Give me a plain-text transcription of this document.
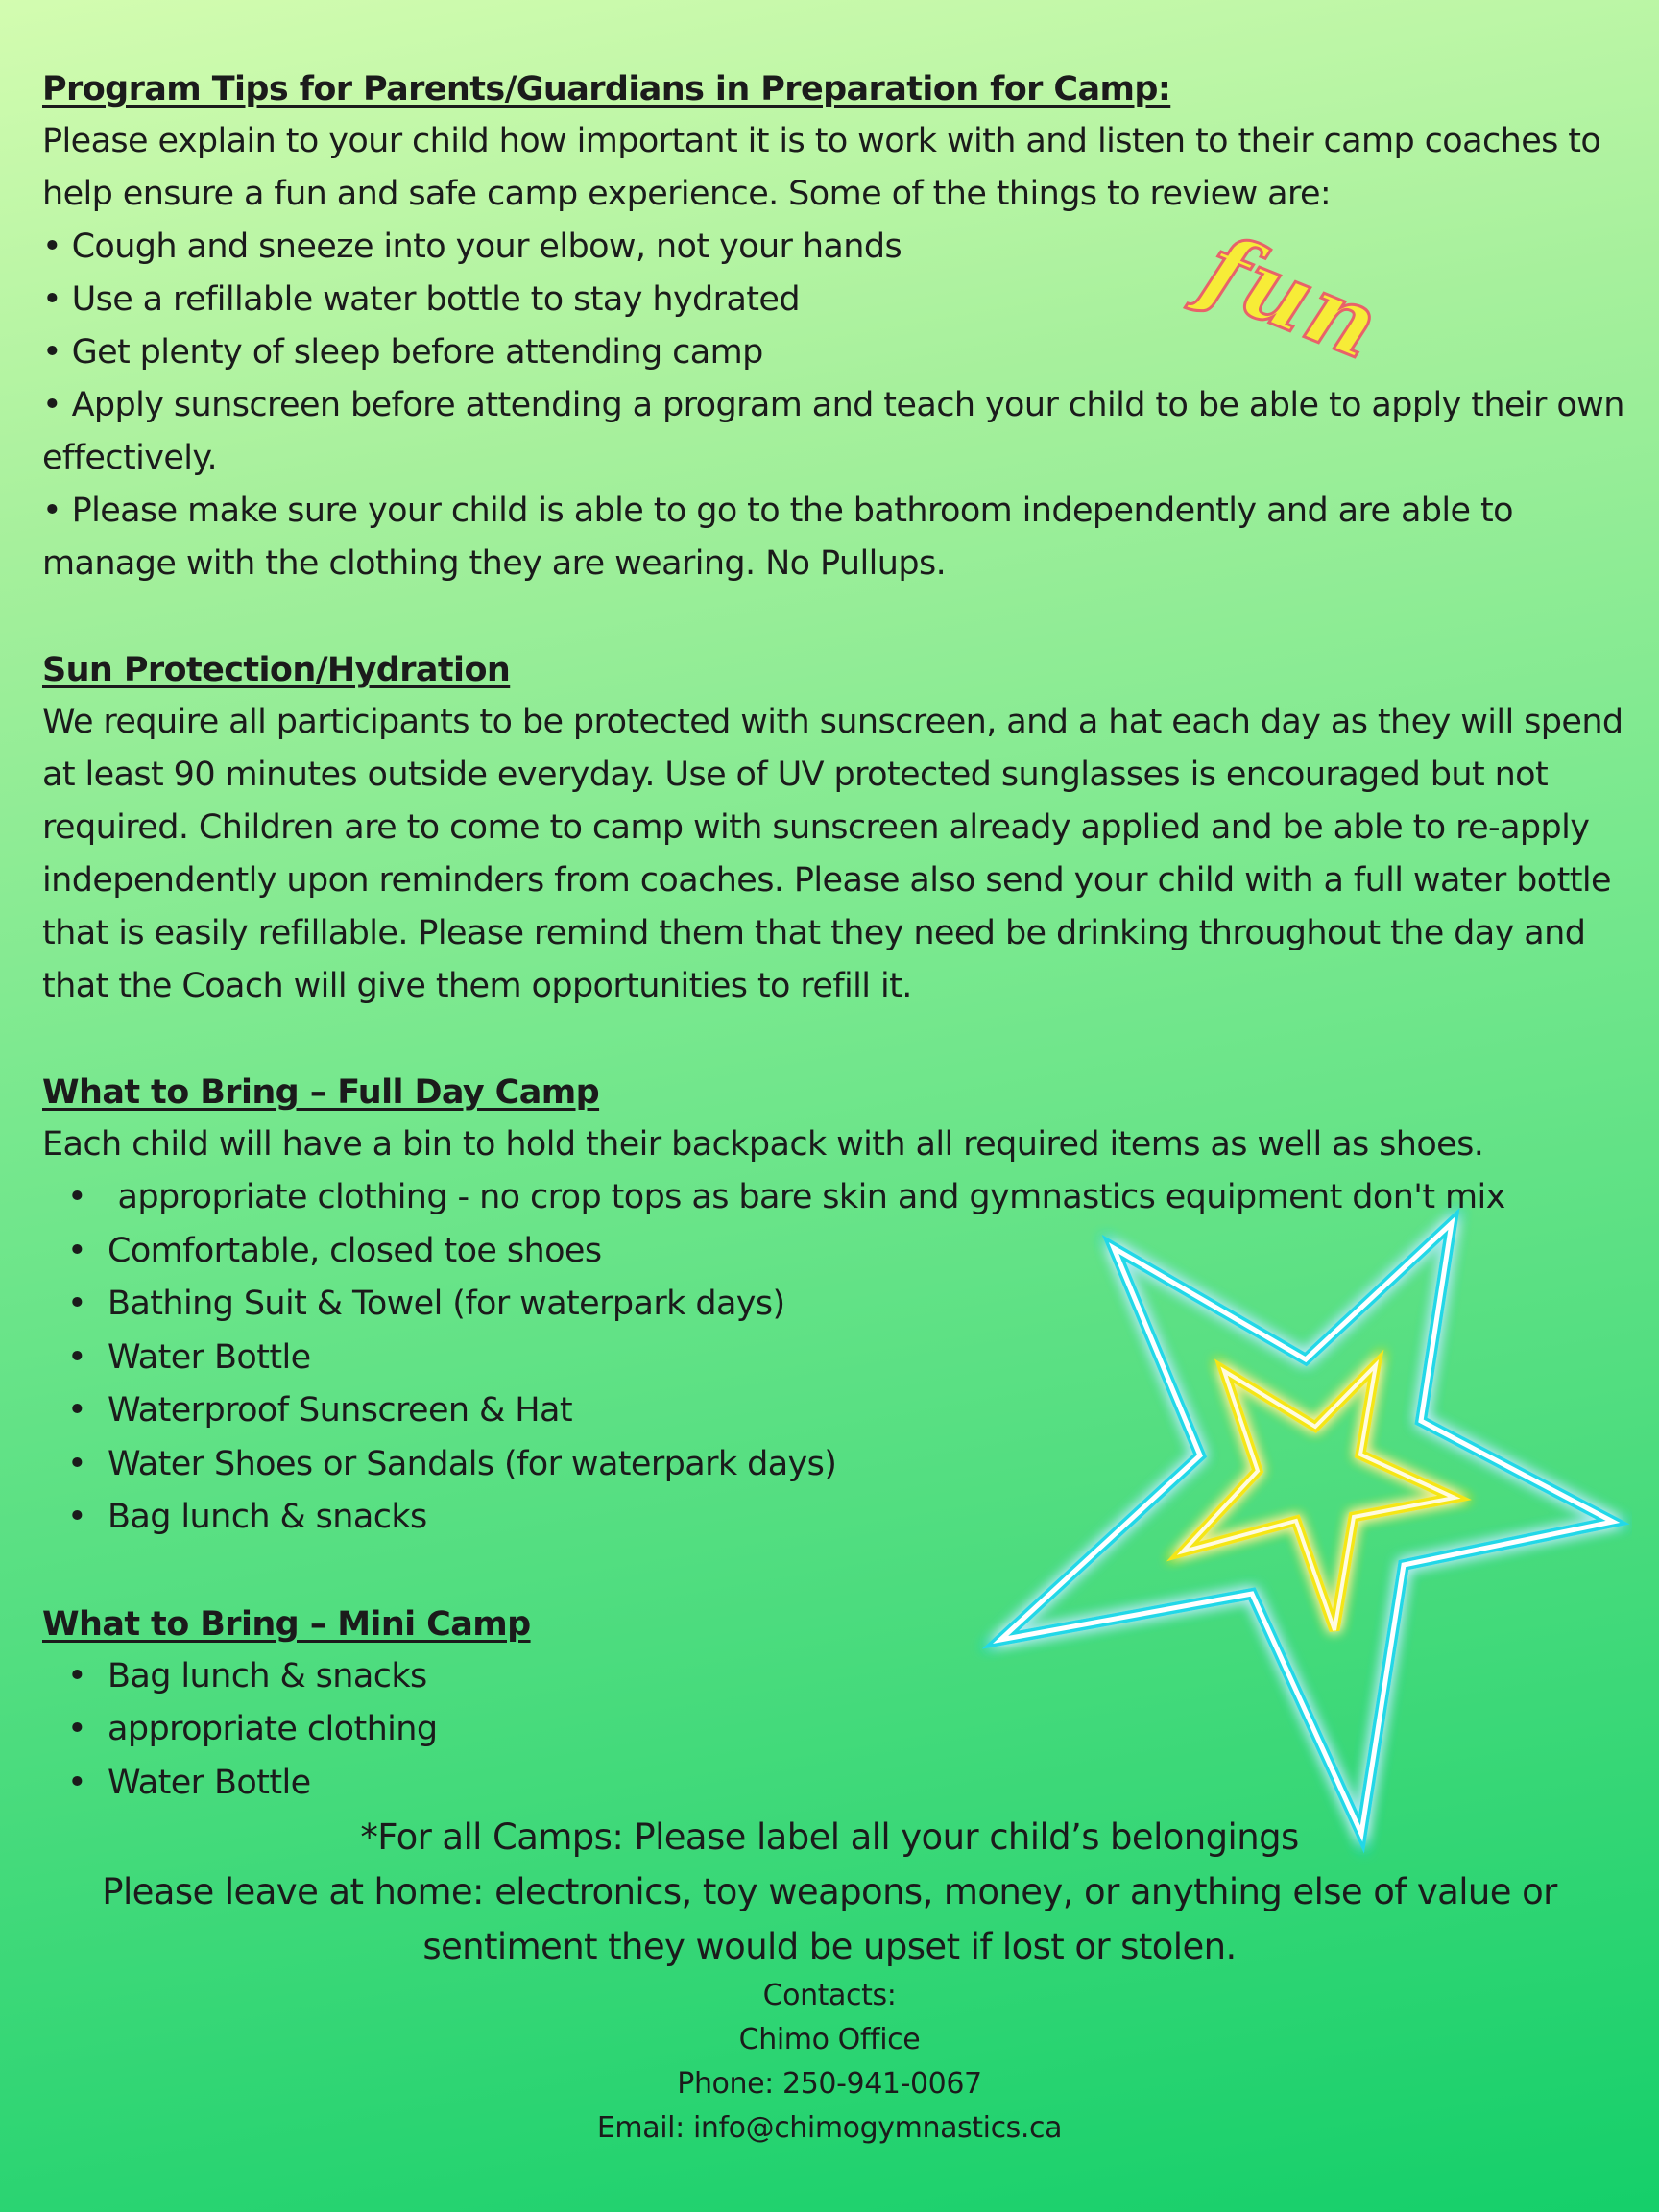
fun
Program Tips for Parents/Guardians in Preparation for Camp:

Please explain to your child how important it is to work with and listen to their camp coaches to help ensure a fun and safe camp experience. Some of the things to review are:

• Cough and sneeze into your elbow, not your hands

• Use a refillable water bottle to stay hydrated

• Get plenty of sleep before attending camp

• Apply sunscreen before attending a program and teach your child to be able to apply their own effectively.

• Please make sure your child is able to go to the bathroom independently and are able to manage with the clothing they are wearing. No Pullups.

Sun Protection/Hydration

We require all participants to be protected with sunscreen, and a hat each day as they will spend at least 90 minutes outside everyday. Use of UV protected sunglasses is encouraged but not required. Children are to come to camp with sunscreen already applied and be able to re-apply independently upon reminders from coaches. Please also send your child with a full water bottle that is easily refillable. Please remind them that they need be drinking throughout the day and that the Coach will give them opportunities to refill it.

What to Bring – Full Day Camp

Each child will have a bin to hold their backpack with all required items as well as shoes.

•  appropriate clothing - no crop tops as bare skin and gymnastics equipment don't mix
• Comfortable, closed toe shoes
• Bathing Suit & Towel (for waterpark days)
• Water Bottle
• Waterproof Sunscreen & Hat
• Water Shoes or Sandals (for waterpark days)
• Bag lunch & snacks
What to Bring – Mini Camp
• Bag lunch & snacks
• appropriate clothing
• Water Bottle

*For all Camps: Please label all your child’s belongings

Please leave at home: electronics, toy weapons, money, or anything else of value or sentiment they would be upset if lost or stolen.

Contacts:

Chimo Office

Phone: 250-941-0067

Email: info@chimogymnastics.ca
